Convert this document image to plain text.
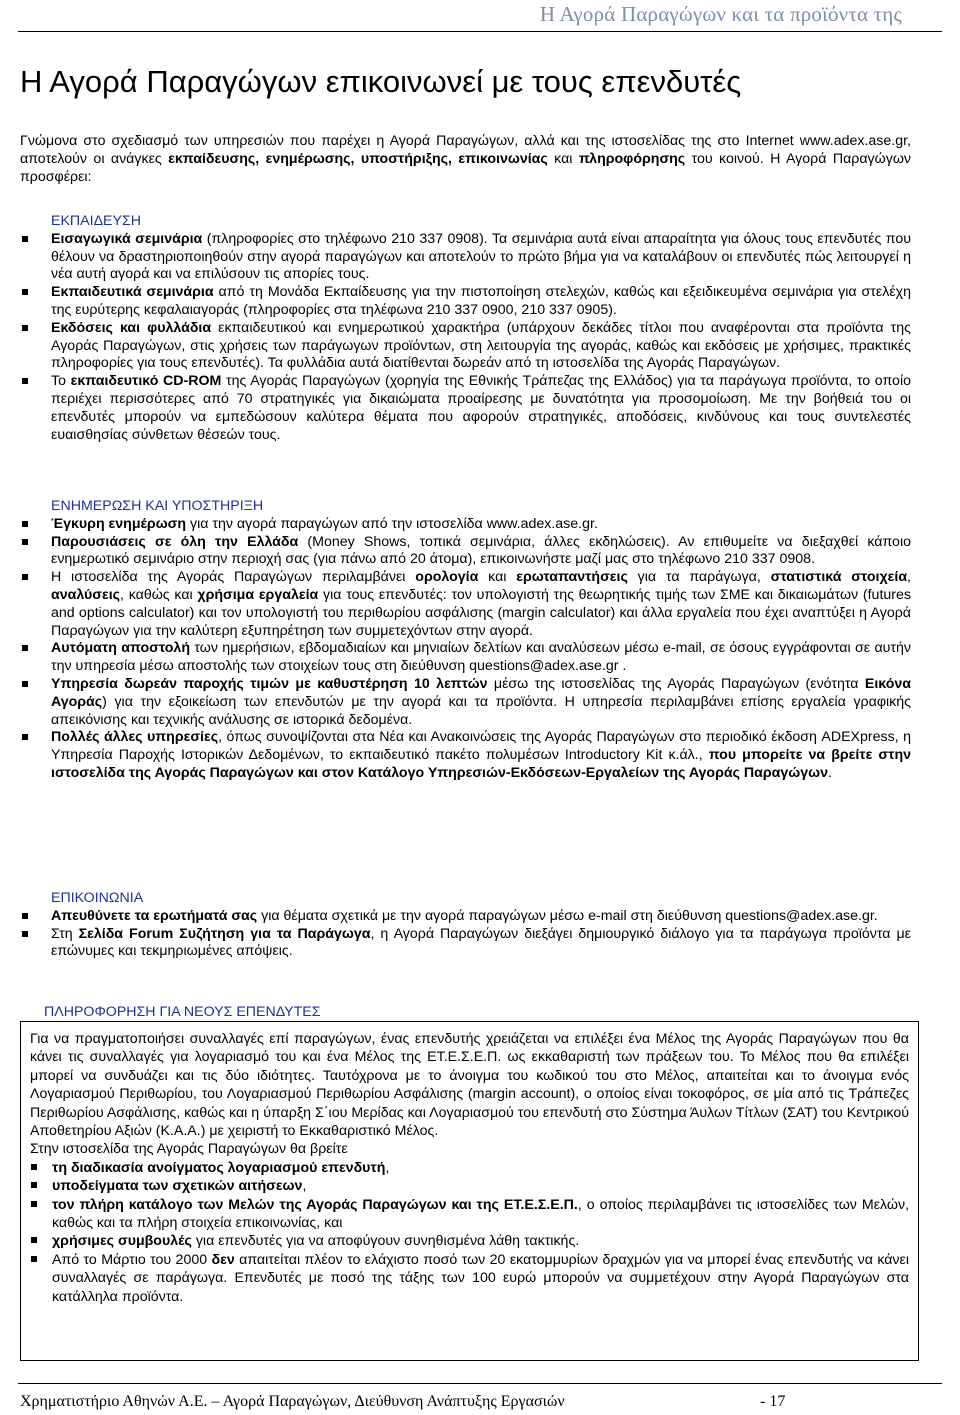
Η Αγορά Παραγώγων και τα προϊόντα της
Η Αγορά Παραγώγων επικοινωνεί με τους επενδυτές
Γνώμονα στο σχεδιασμό των υπηρεσιών που παρέχει η Αγορά Παραγώγων, αλλά και της ιστοσελίδας της στο Internet www.adex.ase.gr, αποτελούν οι ανάγκες εκπαίδευσης, ενημέρωσης, υποστήριξης, επικοινωνίας και πληροφόρησης του κοινού. Η Αγορά Παραγώγων προσφέρει:
ΕΚΠΑΙΔΕΥΣΗ
Εισαγωγικά σεμινάρια (πληροφορίες στο τηλέφωνο 210 337 0908). Τα σεμινάρια αυτά είναι απαραίτητα για όλους τους επενδυτές που θέλουν να δραστηριοποιηθούν στην αγορά παραγώγων και αποτελούν το πρώτο βήμα για να καταλάβουν οι επενδυτές πώς λειτουργεί η νέα αυτή αγορά και να επιλύσουν τις απορίες τους.
Εκπαιδευτικά σεμινάρια από τη Μονάδα Εκπαίδευσης για την πιστοποίηση στελεχών, καθώς και εξειδικευμένα σεμινάρια για στελέχη της ευρύτερης κεφαλαιαγοράς (πληροφορίες στα τηλέφωνα 210 337 0900, 210 337 0905).
Εκδόσεις και φυλλάδια εκπαιδευτικού και ενημερωτικού χαρακτήρα (υπάρχουν δεκάδες τίτλοι που αναφέρονται στα προϊόντα της Αγοράς Παραγώγων, στις χρήσεις των παράγωγων προϊόντων, στη λειτουργία της αγοράς, καθώς και εκδόσεις με χρήσιμες, πρακτικές πληροφορίες για τους επενδυτές). Τα φυλλάδια αυτά διατίθενται δωρεάν από τη ιστοσελίδα της Αγοράς Παραγώγων.
Το εκπαιδευτικό CD-ROM της Αγοράς Παραγώγων (χορηγία της Εθνικής Τράπεζας της Ελλάδος) για τα παράγωγα προϊόντα, το οποίο περιέχει περισσότερες από 70 στρατηγικές για δικαιώματα προαίρεσης με δυνατότητα για προσομοίωση. Με την βοήθειά του οι επενδυτές μπορούν να εμπεδώσουν καλύτερα θέματα που αφορούν στρατηγικές, αποδόσεις, κινδύνους και τους συντελεστές ευαισθησίας σύνθετων θέσεών τους.
ΕΝΗΜΕΡΩΣΗ ΚΑΙ ΥΠΟΣΤΗΡΙΞΗ
Έγκυρη ενημέρωση για την αγορά παραγώγων από την ιστοσελίδα www.adex.ase.gr.
Παρουσιάσεις σε όλη την Ελλάδα (Money Shows, τοπικά σεμινάρια, άλλες εκδηλώσεις). Αν επιθυμείτε να διεξαχθεί κάποιο ενημερωτικό σεμινάριο στην περιοχή σας (για πάνω από 20 άτομα), επικοινωνήστε μαζί μας στο τηλέφωνο 210 337 0908.
Η ιστοσελίδα της Αγοράς Παραγώγων περιλαμβάνει ορολογία και ερωταπαντήσεις για τα παράγωγα, στατιστικά στοιχεία, αναλύσεις, καθώς και χρήσιμα εργαλεία για τους επενδυτές: τον υπολογιστή της θεωρητικής τιμής των ΣΜΕ και δικαιωμάτων (futures and options calculator) και τον υπολογιστή του περιθωρίου ασφάλισης (margin calculator) και άλλα εργαλεία που έχει αναπτύξει η Αγορά Παραγώγων για την καλύτερη εξυπηρέτηση των συμμετεχόντων στην αγορά.
Αυτόματη αποστολή των ημερήσιων, εβδομαδιαίων και μηνιαίων δελτίων και αναλύσεων μέσω e-mail, σε όσους εγγράφονται σε αυτήν την υπηρεσία μέσω αποστολής των στοιχείων τους στη διεύθυνση questions@adex.ase.gr .
Υπηρεσία δωρεάν παροχής τιμών με καθυστέρηση 10 λεπτών μέσω της ιστοσελίδας της Αγοράς Παραγώγων (ενότητα Εικόνα Αγοράς) για την εξοικείωση των επενδυτών με την αγορά και τα προϊόντα. Η υπηρεσία περιλαμβάνει επίσης εργαλεία γραφικής απεικόνισης και τεχνικής ανάλυσης σε ιστορικά δεδομένα.
Πολλές άλλες υπηρεσίες, όπως συνοψίζονται στα Νέα και Ανακοινώσεις της Αγοράς Παραγώγων στο περιοδικό έκδοση ADEXpress, η Υπηρεσία Παροχής Ιστορικών Δεδομένων, το εκπαιδευτικό πακέτο πολυμέσων Introductory Kit κ.άλ., που μπορείτε να βρείτε στην ιστοσελίδα της Αγοράς Παραγώγων και στον Κατάλογο Υπηρεσιών-Εκδόσεων-Εργαλείων της Αγοράς Παραγώγων.
ΕΠΙΚΟΙΝΩΝΙΑ
Απευθύνετε τα ερωτήματά σας για θέματα σχετικά με την αγορά παραγώγων μέσω e-mail στη διεύθυνση questions@adex.ase.gr.
Στη Σελίδα Forum Συζήτηση για τα Παράγωγα, η Αγορά Παραγώγων διεξάγει δημιουργικό διάλογο για τα παράγωγα προϊόντα με επώνυμες και τεκμηριωμένες απόψεις.
ΠΛΗΡΟΦΟΡΗΣΗ ΓΙΑ ΝΕΟΥΣ ΕΠΕΝΔΥΤΕΣ

Για να πραγματοποιήσει συναλλαγές επί παραγώγων, ένας επενδυτής χρειάζεται να επιλέξει ένα Μέλος της Αγοράς Παραγώγων που θα κάνει τις συναλλαγές για λογαριασμό του και ένα Μέλος της ΕΤ.Ε.Σ.Ε.Π. ως εκκαθαριστή των πράξεων του. Το Μέλος που θα επιλέξει μπορεί να συνδυάζει και τις δύο ιδιότητες. Ταυτόχρονα με το άνοιγμα του κωδικού του στο Μέλος, απαιτείται και το άνοιγμα ενός Λογαριασμού Περιθωρίου, του Λογαριασμού Περιθωρίου Ασφάλισης (margin account), ο οποίος είναι τοκοφόρος, σε μία από τις Τράπεζες Περιθωρίου Ασφάλισης, καθώς και η ύπαρξη Σ΄ιου Μερίδας και Λογαριασμού του επενδυτή στο Σύστημα Άυλων Τίτλων (ΣΑΤ) του Κεντρικού Αποθετηρίου Αξιών (Κ.Α.Α.) με χειριστή το Εκκαθαριστικό Μέλος.

Στην ιστοσελίδα της Αγοράς Παραγώγων θα βρείτε

τη διαδικασία ανοίγματος λογαριασμού επενδυτή,
υποδείγματα των σχετικών αιτήσεων,
τον πλήρη κατάλογο των Μελών της Αγοράς Παραγώγων και της ΕΤ.Ε.Σ.Ε.Π., ο οποίος περιλαμβάνει τις ιστοσελίδες των Μελών, καθώς και τα πλήρη στοιχεία επικοινωνίας, και
χρήσιμες συμβουλές για επενδυτές για να αποφύγουν συνηθισμένα λάθη τακτικής.
Από το Μάρτιο του 2000 δεν απαιτείται πλέον το ελάχιστο ποσό των 20 εκατομμυρίων δραχμών για να μπορεί ένας επενδυτής να κάνει συναλλαγές σε παράγωγα. Επενδυτές με ποσό της τάξης των 100 ευρώ μπορούν να συμμετέχουν στην Αγορά Παραγώγων στα κατάλληλα προϊόντα.
Χρηματιστήριο Αθηνών Α.Ε. – Αγορά Παραγώγων, Διεύθυνση Ανάπτυξης Εργασιών	- 17
